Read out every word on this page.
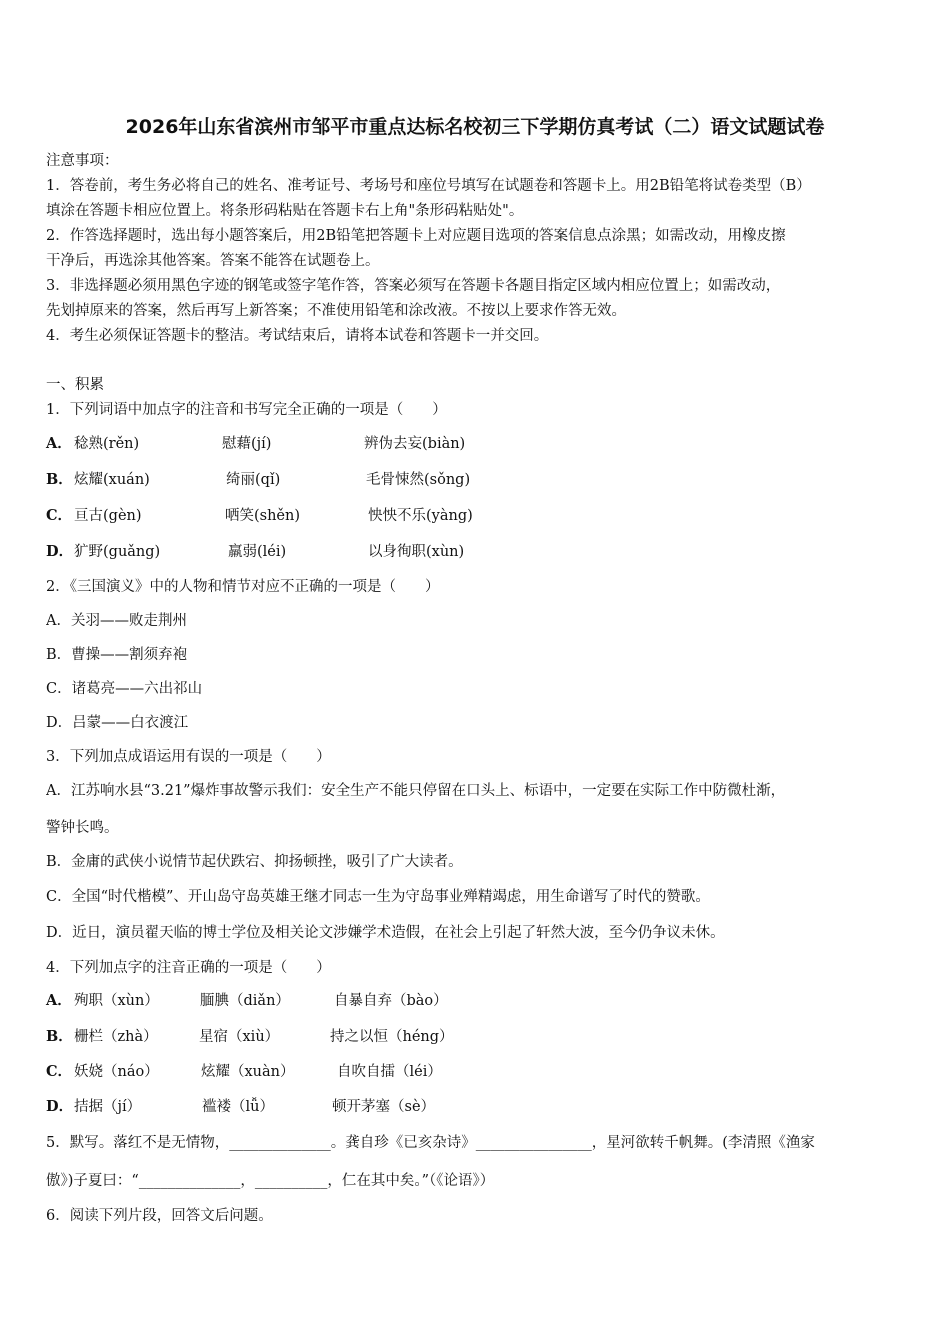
2026年山东省滨州市邹平市重点达标名校初三下学期仿真考试（二）语文试题试卷
注意事项：
1．答卷前，考生务必将自己的姓名、准考证号、考场号和座位号填写在试题卷和答题卡上。用2B铅笔将试卷类型（B）
填涂在答题卡相应位置上。将条形码粘贴在答题卡右上角"条形码粘贴处"。
2．作答选择题时，选出每小题答案后，用2B铅笔把答题卡上对应题目选项的答案信息点涂黑；如需改动，用橡皮擦
干净后，再选涂其他答案。答案不能答在试题卷上。
3．非选择题必须用黑色字迹的钢笔或签字笔作答，答案必须写在答题卡各题目指定区域内相应位置上；如需改动，
先划掉原来的答案，然后再写上新答案；不准使用铅笔和涂改液。不按以上要求作答无效。
4．考生必须保证答题卡的整洁。考试结束后，请将本试卷和答题卡一并交回。
一、积累
1．下列词语中加点字的注音和书写完全正确的一项是（　　）
A． 稔熟(rěn)	慰藉(jí)	辨伪去妄(biàn)
B． 炫耀(xuán)	绮丽(qǐ)	毛骨悚然(sǒng)
C． 亘古(gèn)	哂笑(shěn)	怏怏不乐(yàng)
D． 犷野(guǎng)	羸弱(léi)	以身徇职(xùn)
2．《三国演义》中的人物和情节对应不正确的一项是（　　）
A．关羽——败走荆州
B．曹操——割须弃袍
C．诸葛亮——六出祁山
D．吕蒙——白衣渡江
3．下列加点成语运用有误的一项是（　　）
A．江苏响水县“3.21”爆炸事故警示我们：安全生产不能只停留在口头上、标语中，一定要在实际工作中防微杜渐，
警钟长鸣。
B．金庸的武侠小说情节起伏跌宕、抑扬顿挫，吸引了广大读者。
C．全国“时代楷模”、开山岛守岛英雄王继才同志一生为守岛事业殚精竭虑，用生命谱写了时代的赞歌。
D．近日，演员翟天临的博士学位及相关论文涉嫌学术造假，在社会上引起了轩然大波，至今仍争议未休。
4．下列加点字的注音正确的一项是（　　）
A． 殉职（xùn）	腼腆（diǎn）	自暴自弃（bào）
B． 栅栏（zhà）	星宿（xiù）	持之以恒（héng）
C． 妖娆（náo）	炫耀（xuàn）	自吹自擂（léi）
D． 拮据（jí）	褴褛（lǚ）	顿开茅塞（sè）
5．默写。落红不是无情物，______________。龚自珍《已亥杂诗》________________，星河欲转千帆舞。(李清照《渔家
傲》)子夏曰：“______________，__________，仁在其中矣。”（《论语》）
6．阅读下列片段，回答文后问题。
